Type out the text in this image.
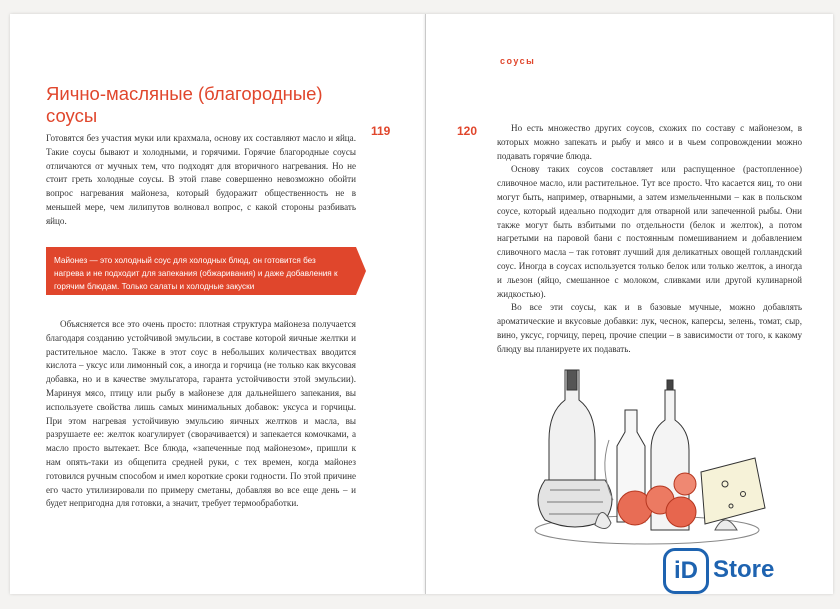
соусы
Яично-масляные (благородные) соусы
119	120

Готовятся без участия муки или крахмала, основу их составляют масло и яйца. Такие соусы бывают и холодными, и горячими. Горячие благородные соусы отличаются от мучных тем, что подходят для вторичного нагревания. Но не стоит греть холодные соусы. В этой главе совершенно невозможно обойти вопрос нагревания майонеза, который будоражит общественность не в меньшей мере, чем лилипутов волновал вопрос, с какой стороны разбивать яйцо.

Майонез — это холодный соус для холодных блюд, он готовится без нагрева и не подходит для запекания (обжаривания) и даже добавления к горячим блюдам. Только салаты и холодные закуски

Объясняется все это очень просто: плотная структура майонеза получается благодаря созданию устойчивой эмульсии, в составе которой яичные желтки и растительное масло. Также в этот соус в небольших количествах вводится кислота – уксус или лимонный сок, а иногда и горчица (не только как вкусовая добавка, но и в качестве эмульгатора, гаранта устойчивости этой эмульсии). Маринуя мясо, птицу или рыбу в майонезе для дальнейшего запекания, вы используете свойства лишь самых минимальных добавок: уксуса и горчицы. При этом нагревая устойчивую эмульсию яичных желтков и масла, вы разрушаете ее: желток коагулирует (сворачивается) и запекается комочками, а масло просто вытекает. Все блюда, «запеченные под майонезом», пришли к нам опять-таки из общепита средней руки, с тех времен, когда майонез готовился ручным способом и имел короткие сроки годности. По этой причине его часто утилизировали по примеру сметаны, добавляя во все еще день – и будет непригодна для готовки, а значит, требует термообработки.

Но есть множество других соусов, схожих по составу с майонезом, в которых можно запекать и рыбу и мясо и в чьем сопровождении можно подавать горячие блюда.

Основу таких соусов составляет или распущенное (растопленное) сливочное масло, или растительное. Тут все просто. Что касается яиц, то они могут быть, например, отварными, а затем измельченными – как в польском соусе, который идеально подходит для отварной или запеченной рыбы. Они также могут быть взбитыми по отдельности (белок и желток), а потом нагретыми на паровой бани с постоянным помешиванием и добавлением сливочного масла – так готовят лучший для деликатных овощей голландский соус. Иногда в соусах используется только белок или только желток, а иногда и льезон (яйцо, смешанное с молоком, сливками или другой кулинарной жидкостью).

Во все эти соусы, как и в базовые мучные, можно добавлять ароматические и вкусовые добавки: лук, чеснок, каперсы, зелень, томат, сыр, вино, уксус, горчицу, перец, прочие специи – в зависимости от того, к какому блюду вы планируете их подавать.

iD Store
